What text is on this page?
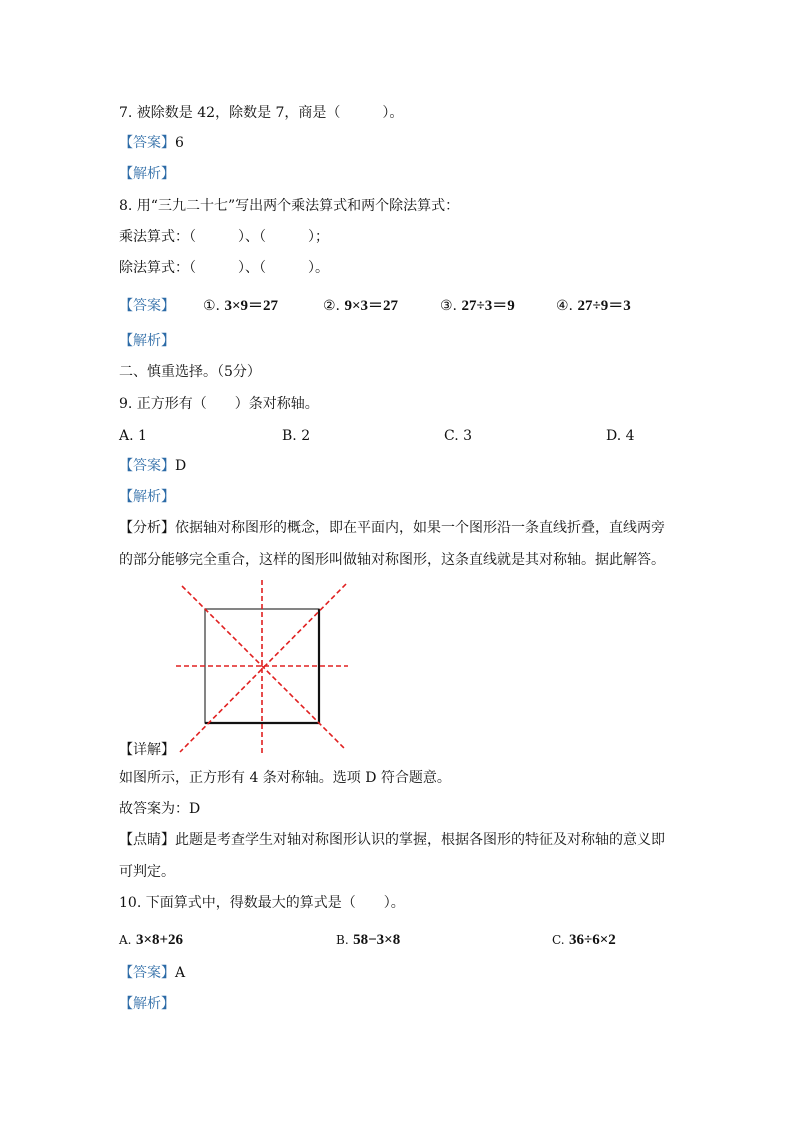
7. 被除数是 42，除数是 7，商是（　　　）。
【答案】6
【解析】
8. 用“三九二十七”写出两个乘法算式和两个除法算式：
乘法算式：（　　　）、（　　　）；
除法算式：（　　　）、（　　　）。
【答案】 ①. 3×9＝27	②. 9×3＝27	③. 27÷3＝9	④. 27÷9＝3
【解析】
二、慎重选择。（5分）
9. 正方形有（　　）条对称轴。
A. 1	B. 2	C. 3	D. 4
【答案】D
【解析】
【分析】依据轴对称图形的概念，即在平面内，如果一个图形沿一条直线折叠，直线两旁
的部分能够完全重合，这样的图形叫做轴对称图形，这条直线就是其对称轴。据此解答。
【详解】
如图所示，正方形有 4 条对称轴。选项 D 符合题意。
故答案为：D
【点睛】此题是考查学生对轴对称图形认识的掌握，根据各图形的特征及对称轴的意义即
可判定。
10. 下面算式中，得数最大的算式是（　　）。
A. 3×8+26	B. 58−3×8	C. 36÷6×2
【答案】A
【解析】
